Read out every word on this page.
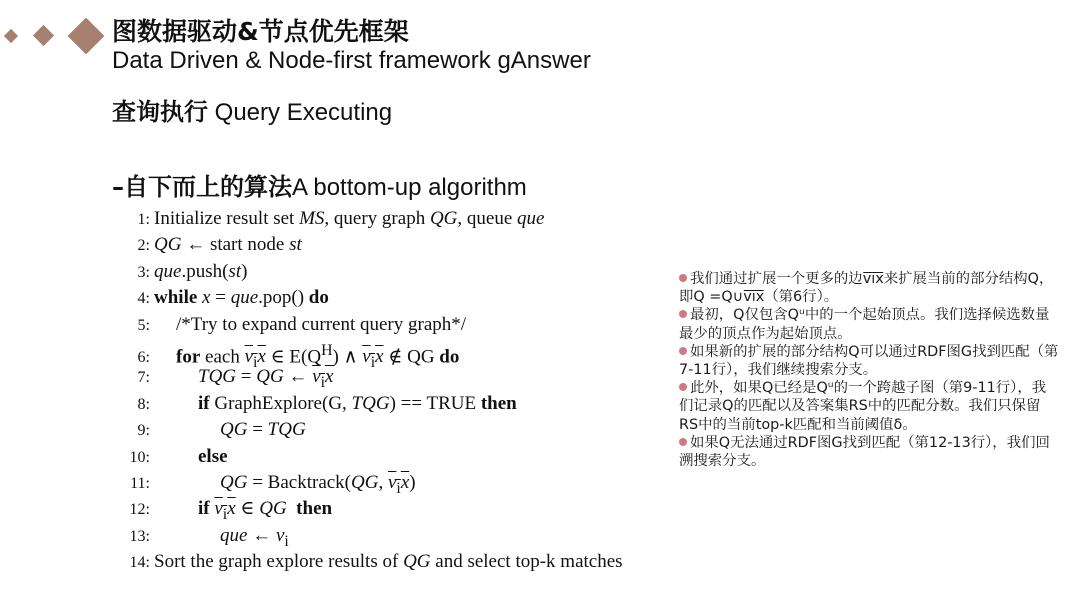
图数据驱动&节点优先框架
Data Driven & Node-first framework gAnswer
查询执行 Query Executing
–自下而上的算法A bottom-up algorithm
1: Initialize result set MS, query graph QG, queue que
2: QG ← start node st
3: que.push(st)
4: while x = que.pop() do
5: /*Try to expand current query graph*/
6: for each $v_ix$ ∈ $E(Q^H)$ ∧ $v_ix$ ∉ QG do
7:	TQG = QG ← $v_ix$
8:	if GraphExplore(G, TQG) == TRUE then
9:	QG = TQG
10:	else
11:	QG = Backtrack(QG, $v_ix$)
12:	if $v_ix$ ∈ QG then
13:	que ← $v_i$
14: Sort the graph explore results of QG and select top-k matches

我们通过扩展一个更多的边v̅i̅x̅来扩展当前的部分结构Q，即Q =Q∪v̅i̅x̅（第6行）。

最初，Q仅包含Qᵘ中的一个起始顶点。我们选择候选数量最少的顶点作为起始顶点。

如果新的扩展的部分结构Q可以通过RDF图G找到匹配（第7-11行），我们继续搜索分支。

此外，如果Q已经是Qᵘ的一个跨越子图（第9-11行），我们记录Q的匹配以及答案集RS中的匹配分数。我们只保留RS中的当前top-k匹配和当前阈值δ。

如果Q无法通过RDF图G找到匹配（第12-13行），我们回溯搜索分支。
